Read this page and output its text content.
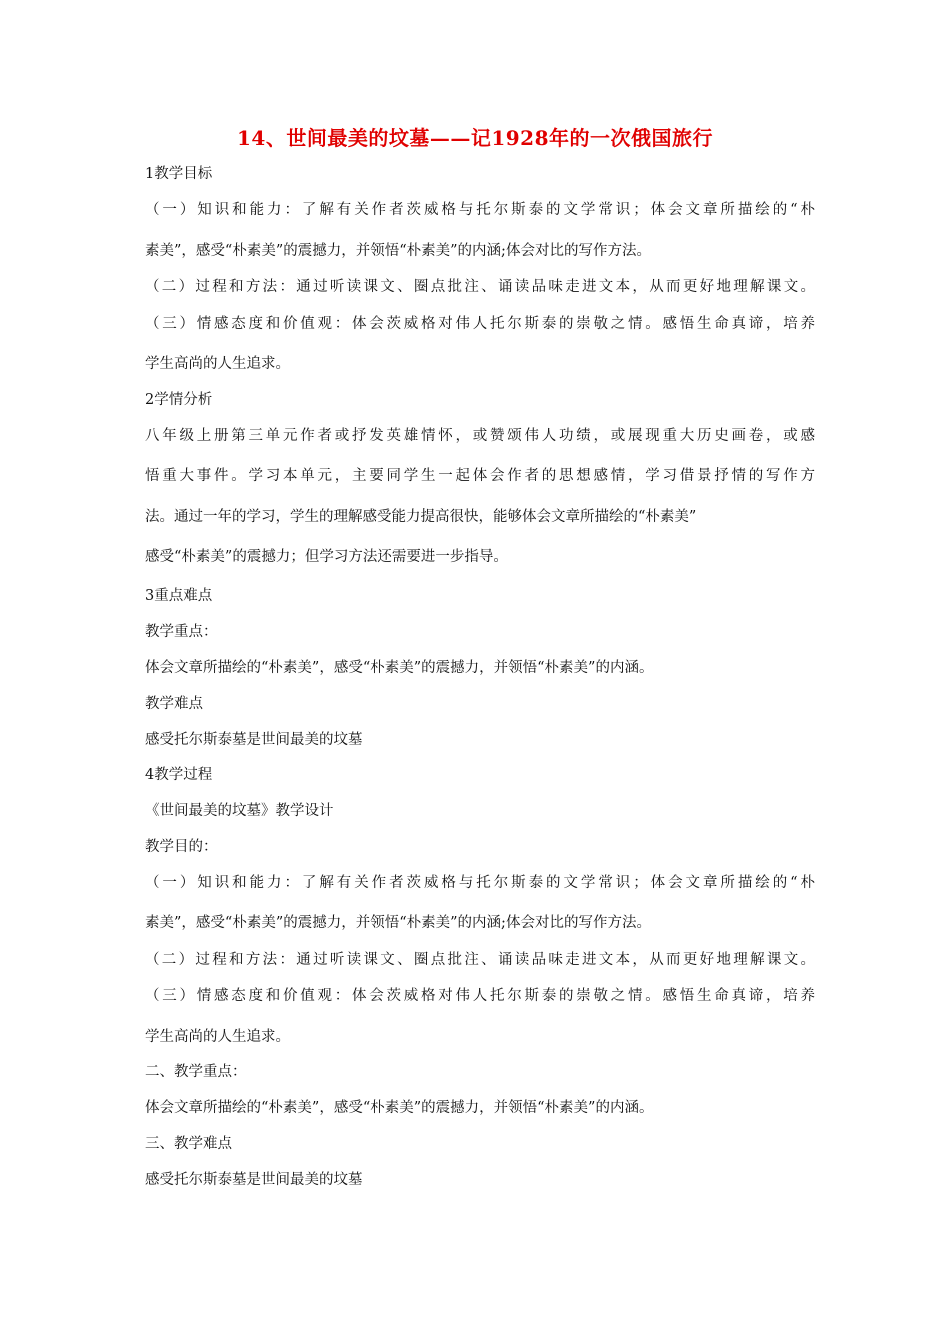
14、世间最美的坟墓——记1928年的一次俄国旅行
1教学目标
（一）知识和能力：了解有关作者茨威格与托尔斯泰的文学常识；体会文章所描绘的“朴
素美”，感受“朴素美”的震撼力，并领悟“朴素美”的内涵;体会对比的写作方法。
（二）过程和方法：通过听读课文、圈点批注、诵读品味走进文本，从而更好地理解课文。
（三）情感态度和价值观：体会茨威格对伟人托尔斯泰的崇敬之情。感悟生命真谛，培养
学生高尚的人生追求。
2学情分析
八年级上册第三单元作者或抒发英雄情怀，或赞颂伟人功绩，或展现重大历史画卷，或感
悟重大事件。学习本单元，主要同学生一起体会作者的思想感情，学习借景抒情的写作方
法。通过一年的学习，学生的理解感受能力提高很快，能够体会文章所描绘的“朴素美”
感受“朴素美”的震撼力；但学习方法还需要进一步指导。
3重点难点
教学重点：
体会文章所描绘的“朴素美”，感受“朴素美”的震撼力，并领悟“朴素美”的内涵。
教学难点
感受托尔斯泰墓是世间最美的坟墓
4教学过程
《世间最美的坟墓》教学设计
教学目的：
（一）知识和能力：了解有关作者茨威格与托尔斯泰的文学常识；体会文章所描绘的“朴
素美”，感受“朴素美”的震撼力，并领悟“朴素美”的内涵;体会对比的写作方法。
（二）过程和方法：通过听读课文、圈点批注、诵读品味走进文本，从而更好地理解课文。
（三）情感态度和价值观：体会茨威格对伟人托尔斯泰的崇敬之情。感悟生命真谛，培养
学生高尚的人生追求。
二、教学重点：
体会文章所描绘的“朴素美”，感受“朴素美”的震撼力，并领悟“朴素美”的内涵。
三、教学难点
感受托尔斯泰墓是世间最美的坟墓
